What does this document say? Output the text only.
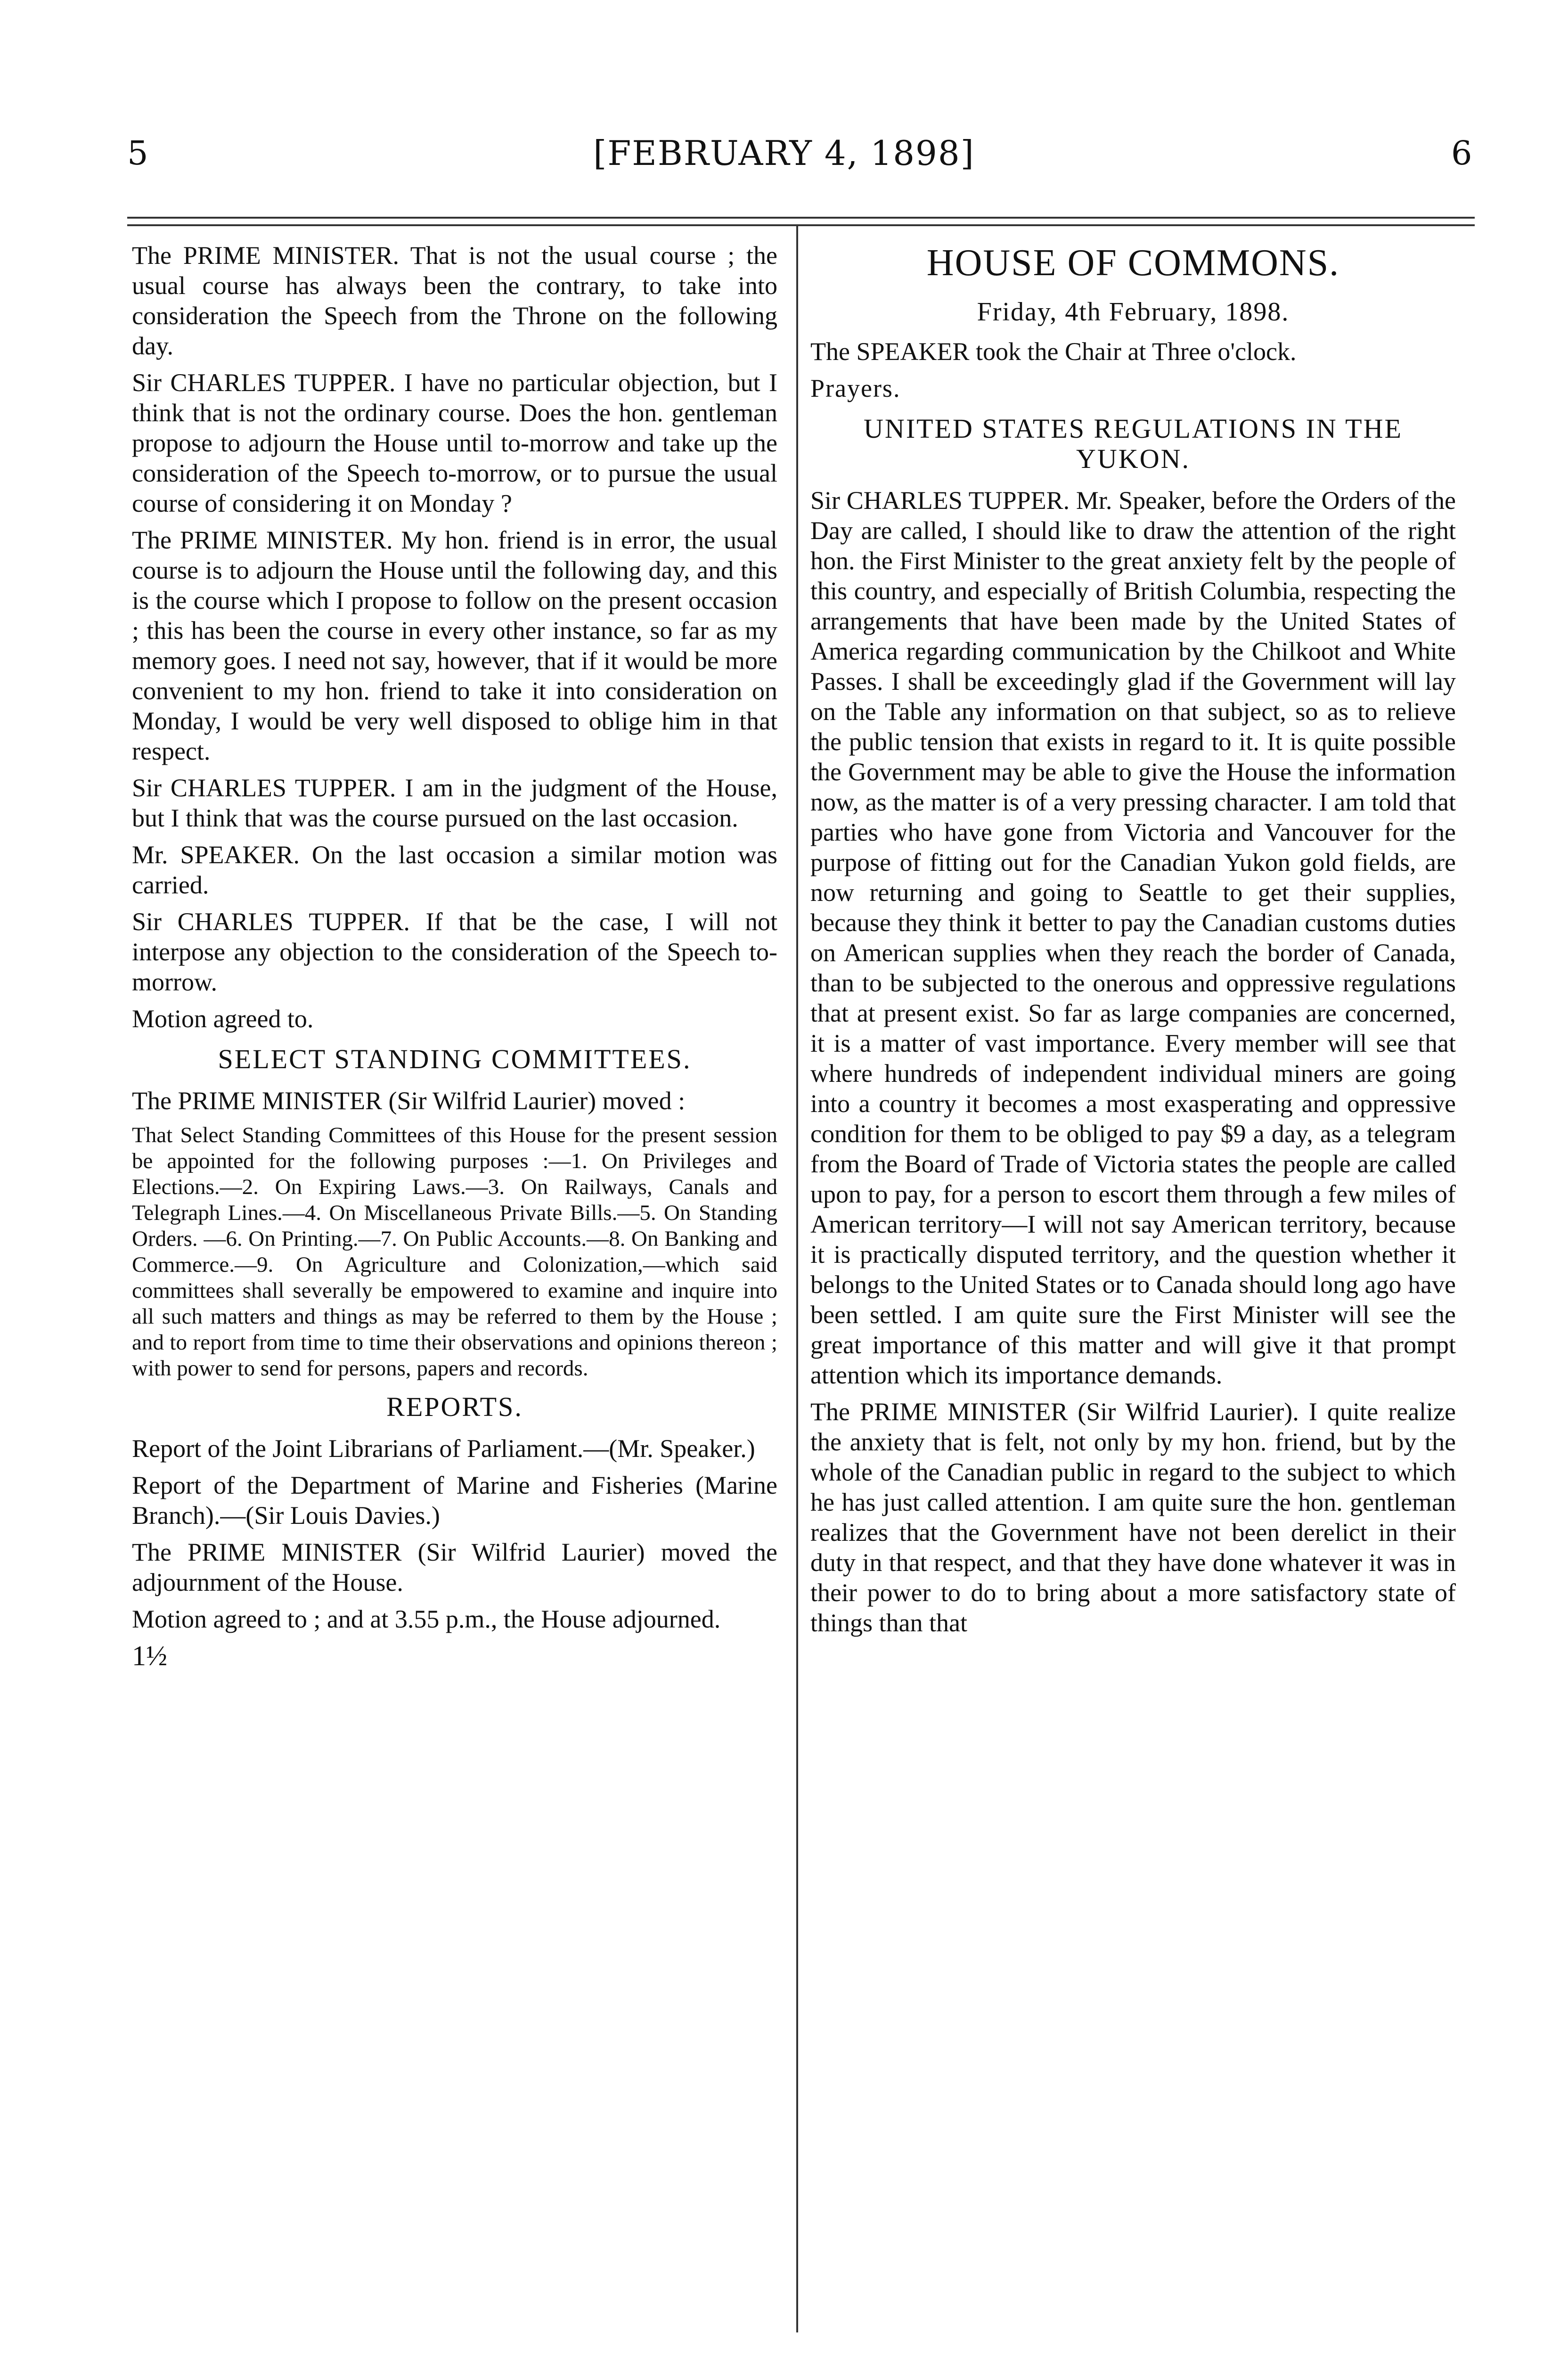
5	[FEBRUARY 4, 1898]	6

The PRIME MINISTER. That is not the usual course ; the usual course has always been the contrary, to take into consideration the Speech from the Throne on the following day.

Sir CHARLES TUPPER. I have no particular objection, but I think that is not the ordinary course. Does the hon. gentleman propose to adjourn the House until to-morrow and take up the consideration of the Speech to-morrow, or to pursue the usual course of considering it on Monday ?

The PRIME MINISTER. My hon. friend is in error, the usual course is to adjourn the House until the following day, and this is the course which I propose to follow on the present occasion ; this has been the course in every other instance, so far as my memory goes. I need not say, however, that if it would be more convenient to my hon. friend to take it into consideration on Monday, I would be very well disposed to oblige him in that respect.

Sir CHARLES TUPPER. I am in the judgment of the House, but I think that was the course pursued on the last occasion.

Mr. SPEAKER. On the last occasion a similar motion was carried.

Sir CHARLES TUPPER. If that be the case, I will not interpose any objection to the consideration of the Speech to-morrow.

Motion agreed to.

SELECT STANDING COMMITTEES.

The PRIME MINISTER (Sir Wilfrid Laurier) moved :

That Select Standing Committees of this House for the present session be appointed for the following purposes :—1. On Privileges and Elections.—2. On Expiring Laws.—3. On Railways, Canals and Telegraph Lines.—4. On Miscellaneous Private Bills.—5. On Standing Orders. —6. On Printing.—7. On Public Accounts.—8. On Banking and Commerce.—9. On Agriculture and Colonization,—which said committees shall severally be empowered to examine and inquire into all such matters and things as may be referred to them by the House ; and to report from time to time their observations and opinions thereon ; with power to send for persons, papers and records.

REPORTS.

Report of the Joint Librarians of Parliament.—(Mr. Speaker.)

Report of the Department of Marine and Fisheries (Marine Branch).—(Sir Louis Davies.)

The PRIME MINISTER (Sir Wilfrid Laurier) moved the adjournment of the House.

Motion agreed to ; and at 3.55 p.m., the House adjourned.

1½
HOUSE OF COMMONS.
Friday, 4th February, 1898.

The SPEAKER took the Chair at Three o'clock.

Prayers.

UNITED STATES REGULATIONS IN THE YUKON.

Sir CHARLES TUPPER. Mr. Speaker, before the Orders of the Day are called, I should like to draw the attention of the right hon. the First Minister to the great anxiety felt by the people of this country, and especially of British Columbia, respecting the arrangements that have been made by the United States of America regarding communication by the Chilkoot and White Passes. I shall be exceedingly glad if the Government will lay on the Table any information on that subject, so as to relieve the public tension that exists in regard to it. It is quite possible the Government may be able to give the House the information now, as the matter is of a very pressing character. I am told that parties who have gone from Victoria and Vancouver for the purpose of fitting out for the Canadian Yukon gold fields, are now returning and going to Seattle to get their supplies, because they think it better to pay the Canadian customs duties on American supplies when they reach the border of Canada, than to be subjected to the onerous and oppressive regulations that at present exist. So far as large companies are concerned, it is a matter of vast importance. Every member will see that where hundreds of independent individual miners are going into a country it becomes a most exasperating and oppressive condition for them to be obliged to pay $9 a day, as a telegram from the Board of Trade of Victoria states the people are called upon to pay, for a person to escort them through a few miles of American territory—I will not say American territory, because it is practically disputed territory, and the question whether it belongs to the United States or to Canada should long ago have been settled. I am quite sure the First Minister will see the great importance of this matter and will give it that prompt attention which its importance demands.

The PRIME MINISTER (Sir Wilfrid Laurier). I quite realize the anxiety that is felt, not only by my hon. friend, but by the whole of the Canadian public in regard to the subject to which he has just called attention. I am quite sure the hon. gentleman realizes that the Government have not been derelict in their duty in that respect, and that they have done whatever it was in their power to do to bring about a more satisfactory state of things than that
